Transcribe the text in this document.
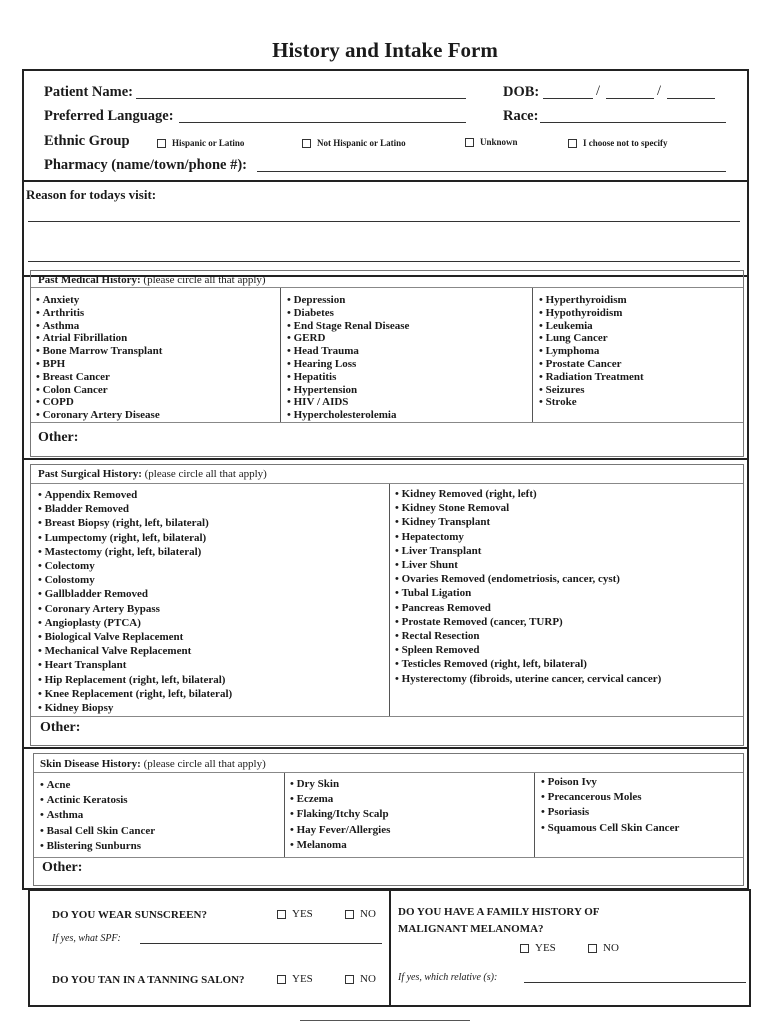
History and Intake Form
Patient Name:	DOB:	/	/
Preferred Language:	Race:
Ethnic Group	Hispanic or Latino	Not Hispanic or Latino	Unknown	I choose not to specify
Pharmacy (name/town/phone #):
Reason for todays visit:
Past Medical History: (please circle all that apply)
• Anxiety
• Arthritis
• Asthma
• Atrial Fibrillation
• Bone Marrow Transplant
• BPH
• Breast Cancer
• Colon Cancer
• COPD
• Coronary Artery Disease
• Depression
• Diabetes
• End Stage Renal Disease
• GERD
• Head Trauma
• Hearing Loss
• Hepatitis
• Hypertension
• HIV / AIDS
• Hypercholesterolemia
• Hyperthyroidism
• Hypothyroidism
• Leukemia
• Lung Cancer
• Lymphoma
• Prostate Cancer
• Radiation Treatment
• Seizures
• Stroke
Other:
Past Surgical History: (please circle all that apply)
• Appendix Removed
• Bladder Removed
• Breast Biopsy (right, left, bilateral)
• Lumpectomy (right, left, bilateral)
• Mastectomy (right, left, bilateral)
• Colectomy
• Colostomy
• Gallbladder Removed
• Coronary Artery Bypass
• Angioplasty (PTCA)
• Biological Valve Replacement
• Mechanical Valve Replacement
• Heart Transplant
• Hip Replacement (right, left, bilateral)
• Knee Replacement (right, left, bilateral)
• Kidney Biopsy
• Kidney Removed (right, left)
• Kidney Stone Removal
• Kidney Transplant
• Hepatectomy
• Liver Transplant
• Liver Shunt
• Ovaries Removed (endometriosis, cancer, cyst)
• Tubal Ligation
• Pancreas Removed
• Prostate Removed (cancer, TURP)
• Rectal Resection
• Spleen Removed
• Testicles Removed (right, left, bilateral)
• Hysterectomy (fibroids, uterine cancer, cervical cancer)
Other:
Skin Disease History: (please circle all that apply)
• Acne
• Actinic Keratosis
• Asthma
• Basal Cell Skin Cancer
• Blistering Sunburns
• Dry Skin
• Eczema
• Flaking/Itchy Scalp
• Hay Fever/Allergies
• Melanoma
• Poison Ivy
• Precancerous Moles
• Psoriasis
• Squamous Cell Skin Cancer
Other:
DO YOU WEAR SUNSCREEN?	YES	NO
If yes, what SPF:
DO YOU TAN IN A TANNING SALON?	YES	NO
DO YOU HAVE A FAMILY HISTORY OF
MALIGNANT MELANOMA?
YES	NO
If yes, which relative (s):
